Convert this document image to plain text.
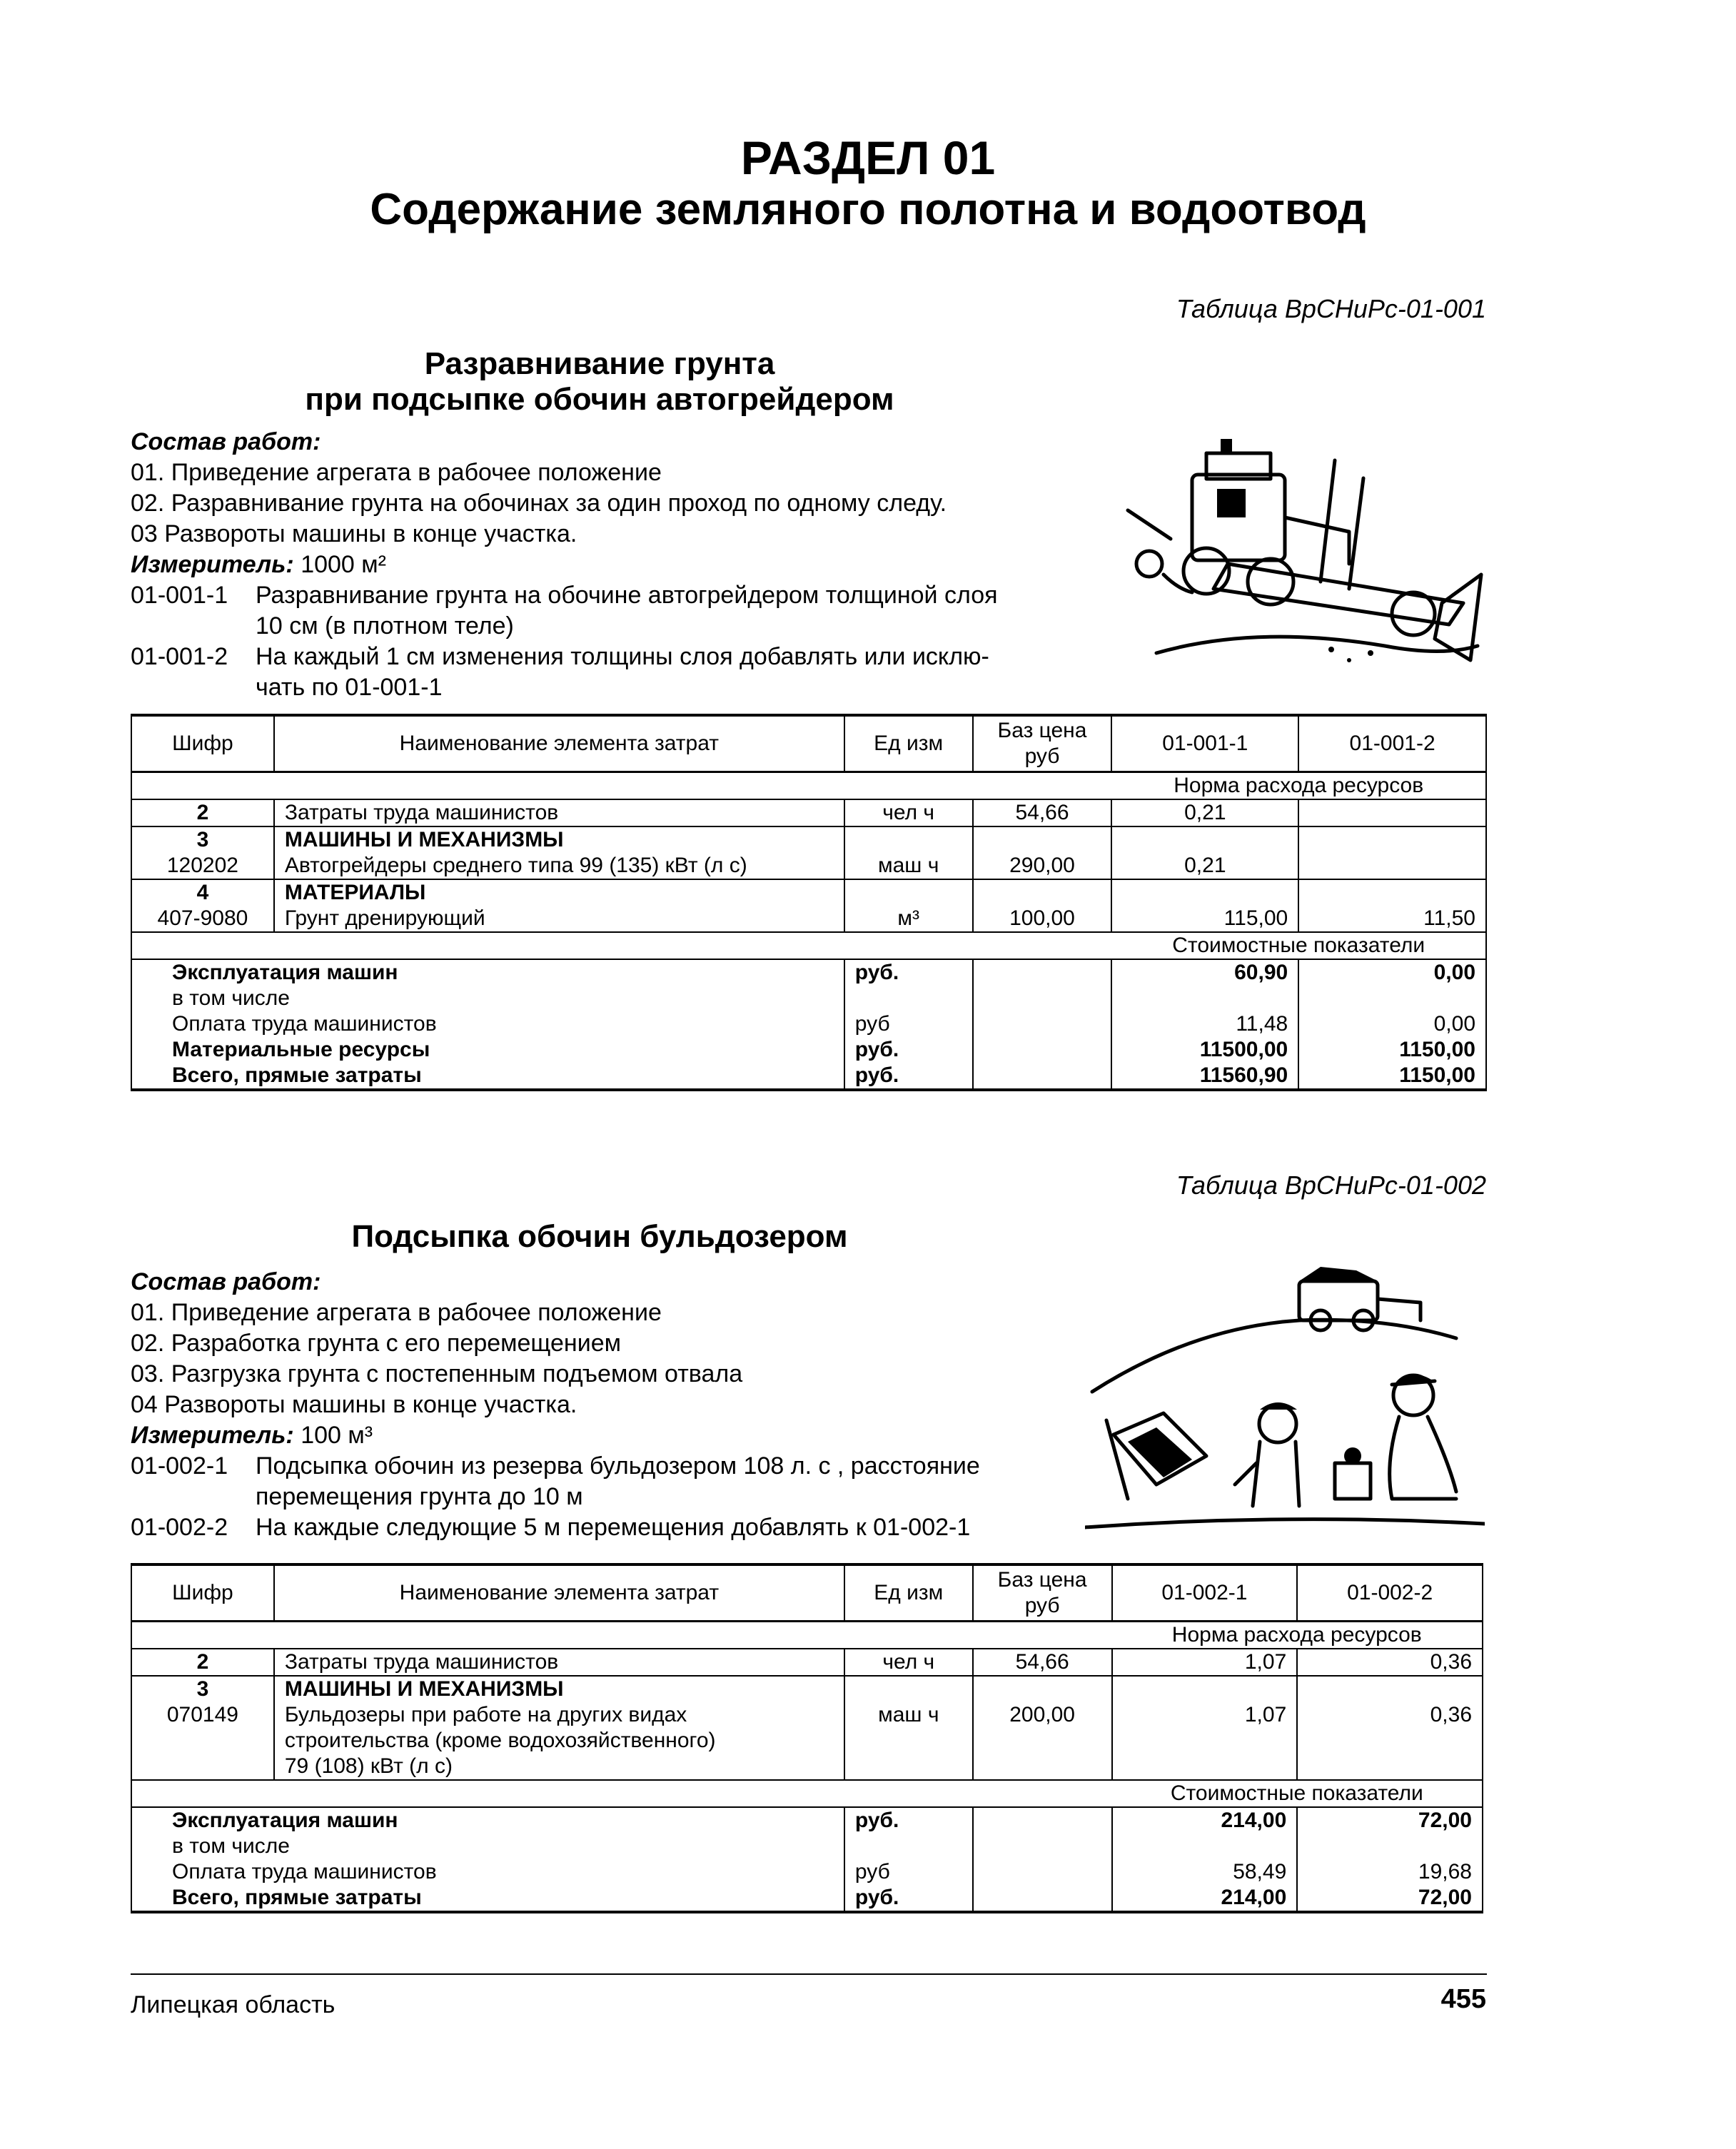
РАЗДЕЛ 01
Содержание земляного полотна и водоотвод
Таблица ВрСНиРс-01-001
Разравнивание грунта
при подсыпке обочин автогрейдером
Состав работ:
01. Приведение агрегата в рабочее положение
02. Разравнивание грунта на обочинах за один проход по одному следу.
03 Развороты машины в конце участка.
Измеритель: 1000 м²
01-001-1 Разравнивание грунта на обочине автогрейдером толщиной слоя
10 см (в плотном теле)
01-001-2 На каждый 1 см изменения толщины слоя добавлять или исклю-
чать по 01-001-1
Шифр	Наименование элемента затрат	Ед изм	Баз цена руб	01-001-1	01-001-2
				Норма расхода ресурсов	
2	Затраты труда машинистов	чел ч	54,66	0,21	
3	МАШИНЫ И МЕХАНИЗМЫ				
120202	Автогрейдеры среднего типа 99 (135) кВт (л с)	маш ч	290,00	0,21	
4	МАТЕРИАЛЫ				
407-9080	Грунт дренирующий	м³	100,00	115,00	11,50
				Стоимостные показатели	
Эксплуатация машин		руб.		60,90	0,00
в том числе					
Оплата труда машинистов		руб		11,48	0,00
Материальные ресурсы		руб.		11500,00	1150,00
Всего, прямые затраты		руб.		11560,90	1150,00
Таблица ВрСНиРс-01-002
Подсыпка обочин бульдозером
Состав работ:
01. Приведение агрегата в рабочее положение
02. Разработка грунта с его перемещением
03. Разгрузка грунта с постепенным подъемом отвала
04 Развороты машины в конце участка.
Измеритель: 100 м³
01-002-1 Подсыпка обочин из резерва бульдозером 108 л. с , расстояние
перемещения грунта до 10 м
01-002-2 На каждые следующие 5 м перемещения добавлять к 01-002-1
Шифр	Наименование элемента затрат	Ед изм	Баз цена руб	01-002-1	01-002-2
				Норма расхода ресурсов	
2	Затраты труда машинистов	чел ч	54,66	1,07	0,36
3	МАШИНЫ И МЕХАНИЗМЫ				
070149	Бульдозеры при работе на других видах
строительства (кроме водохозяйственного)
79 (108) кВт (л с)	маш ч	200,00	1,07	0,36
				Стоимостные показатели	
Эксплуатация машин		руб.		214,00	72,00
в том числе					
Оплата труда машинистов		руб		58,49	19,68
Всего, прямые затраты		руб.		214,00	72,00
Липецкая область	455
